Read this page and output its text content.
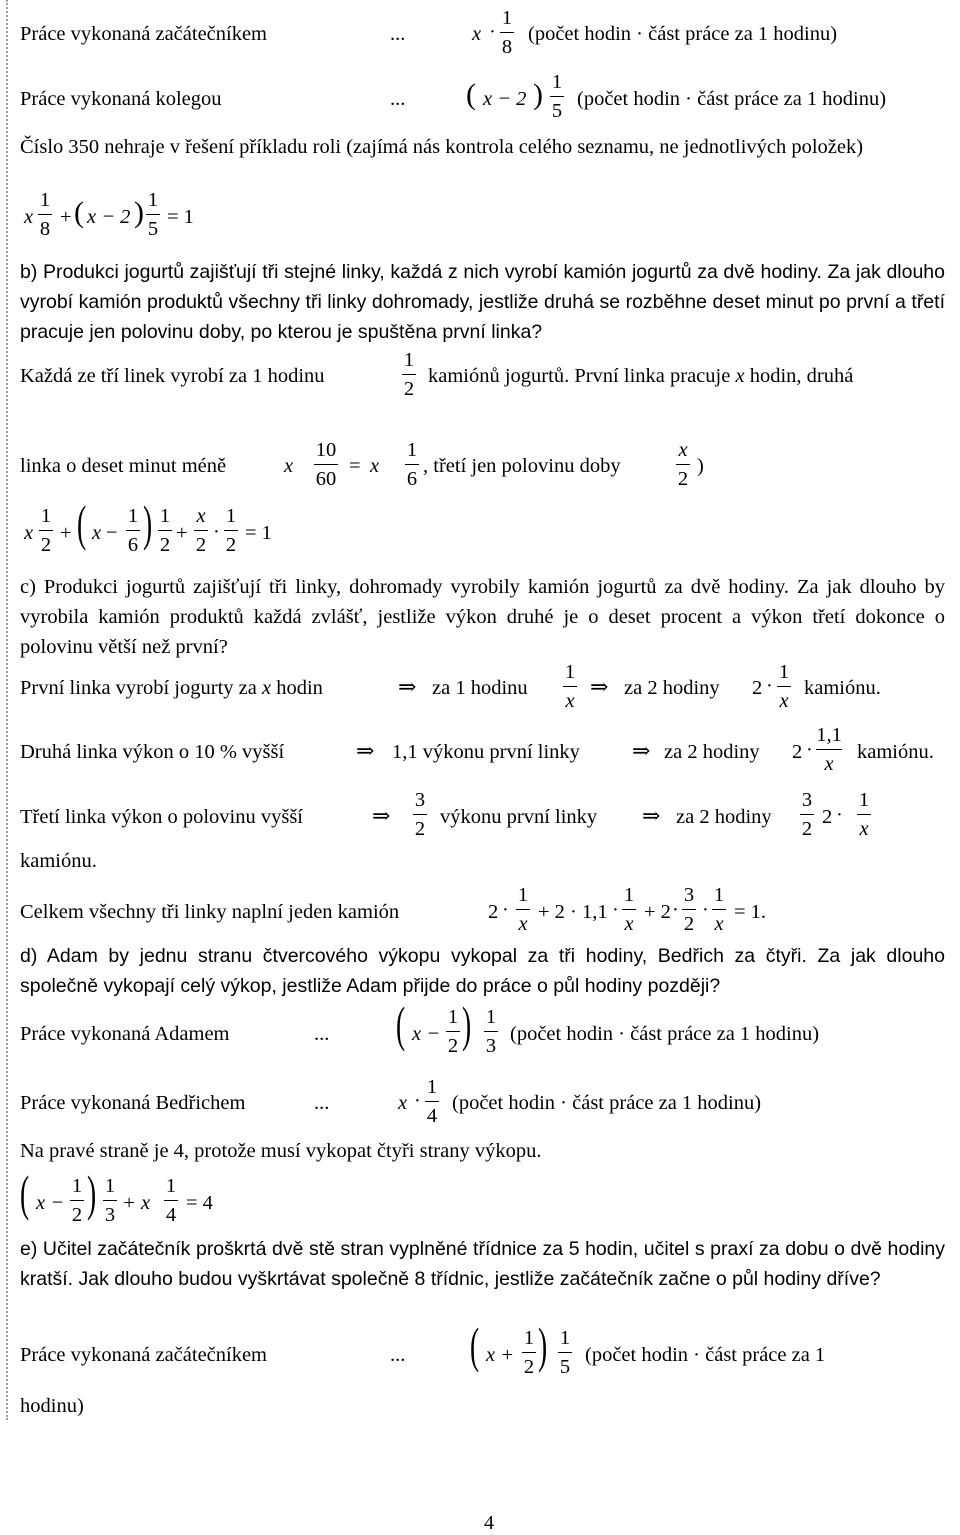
Práce vykonaná začátečníkem	...	x ·
1
8
(počet hodin · část práce za 1 hodinu)
Práce vykonaná kolegou	... ( x − 2 ) 1
5
(počet hodin · část práce za 1 hodinu)
Číslo 350 nehraje v řešení příkladu roli (zajímá nás kontrola celého seznamu, ne jednotlivých položek)
x
1
8
+ ( x − 2 ) 1
5
= 1
b) Produkci jogurtů zajišťují tři stejné linky, každá z nich vyrobí kamión jogurtů za dvě hodiny. Za jak dlouho vyrobí kamión produktů všechny tři linky dohromady, jestliže druhá se rozběhne deset minut po první a třetí pracuje jen polovinu doby, po kterou je spuštěna první linka?
Každá ze tří linek vyrobí za 1 hodinu
1
2
kamiónů jogurtů. První linka pracuje x hodin, druhá
linka o deset minut méně	x
10
60
= x
1
6
, třetí jen polovinu doby
x
2
)
x
1
2
+ ( x −
1
6 ) 1
2
+
x
2
·
1
2
= 1
c) Produkci jogurtů zajišťují tři linky, dohromady vyrobily kamión jogurtů za dvě hodiny. Za jak dlouho by vyrobila kamión produktů každá zvlášť, jestliže výkon druhé je o deset procent a výkon třetí dokonce o polovinu větší než první?
První linka vyrobí jogurty za x hodin	⇒ za 1 hodinu
1
x
⇒ za 2 hodiny 2 ·
1
x
kamiónu.
Druhá linka výkon o 10 % vyšší	⇒ 1,1 výkonu první linky ⇒ za 2 hodiny 2 ·
1,1
x
kamiónu.
Třetí linka výkon o polovinu vyšší	⇒
3
2
výkonu první linky ⇒ za 2 hodiny
3
2
2 ·
1
x
kamiónu.
Celkem všechny tři linky naplní jeden kamión	2 ·
1
x
+ 2 · 1,1 ·
1
x
+ 2 ·
3
2
·
1
x
= 1.
d) Adam by jednu stranu čtvercového výkopu vykopal za tři hodiny, Bedřich za čtyři. Za jak dlouho společně vykopají celý výkop, jestliže Adam přijde do práce o půl hodiny později?
Práce vykonaná Adamem	... ( x −
1
2 ) 1
3
(počet hodin · část práce za 1 hodinu)
Práce vykonaná Bedřichem	...	x ·
1
4
(počet hodin · část práce za 1 hodinu)
Na pravé straně je 4, protože musí vykopat čtyři strany výkopu.
( x −
1
2 ) 1
3
+ x
1
4
= 4
e) Učitel začátečník proškrtá dvě stě stran vyplněné třídnice za 5 hodin, učitel s praxí za dobu o dvě hodiny kratší. Jak dlouho budou vyškrtávat společně 8 třídnic, jestliže začátečník začne o půl hodiny dříve?
Práce vykonaná začátečníkem	... ( x +
1
2 ) 1
5
(počet hodin · část práce za 1
hodinu)
4
